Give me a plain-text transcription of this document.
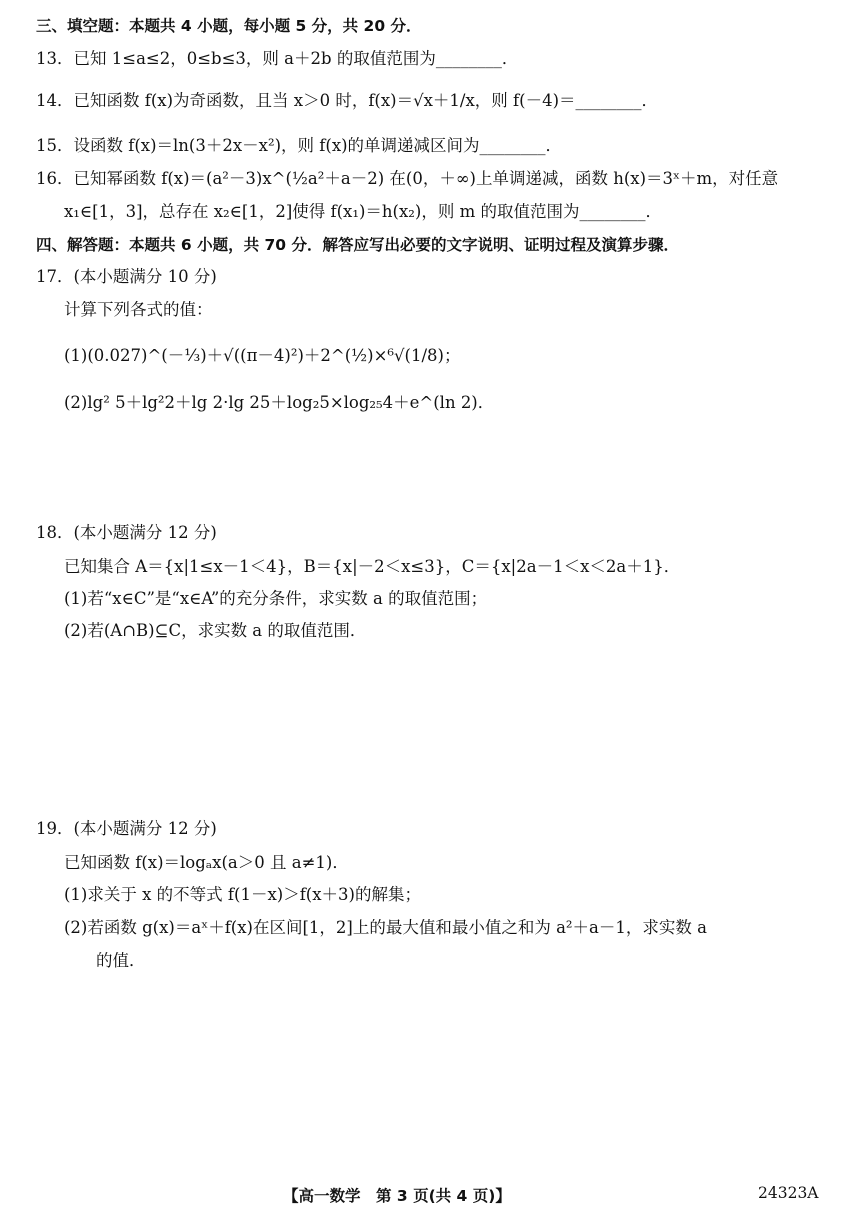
三、填空题：本题共 4 小题，每小题 5 分，共 20 分．
13．已知 1≤a≤2，0≤b≤3，则 a＋2b 的取值范围为________．
14．已知函数 f(x)为奇函数，且当 x＞0 时，f(x)＝√x＋1/x，则 f(－4)＝________．
15．设函数 f(x)＝ln(3＋2x－x²)，则 f(x)的单调递减区间为________．
16．已知幂函数 f(x)＝(a²－3)x^(½a²＋a－2) 在(0，＋∞)上单调递减，函数 h(x)＝3ˣ＋m，对任意
x₁∈[1，3]，总存在 x₂∈[1，2]使得 f(x₁)＝h(x₂)，则 m 的取值范围为________．
四、解答题：本题共 6 小题，共 70 分．解答应写出必要的文字说明、证明过程及演算步骤．
17．(本小题满分 10 分)
计算下列各式的值：
(1)(0.027)^(－⅓)＋√((π－4)²)＋2^(½)×⁶√(1/8)；
(2)lg² 5＋lg²2＋lg 2·lg 25＋log₂5×log₂₅4＋e^(ln 2)．
18．(本小题满分 12 分)
已知集合 A＝{x|1≤x－1＜4}，B＝{x|－2＜x≤3}，C＝{x|2a－1＜x＜2a＋1}．
(1)若“x∈C”是“x∈A”的充分条件，求实数 a 的取值范围；
(2)若(A∩B)⊆C，求实数 a 的取值范围．
19．(本小题满分 12 分)
已知函数 f(x)＝logₐx(a＞0 且 a≠1)．
(1)求关于 x 的不等式 f(1－x)＞f(x＋3)的解集；
(2)若函数 g(x)＝aˣ＋f(x)在区间[1，2]上的最大值和最小值之和为 a²＋a－1，求实数 a
的值．
【高一数学　第 3 页(共 4 页)】	24323A
